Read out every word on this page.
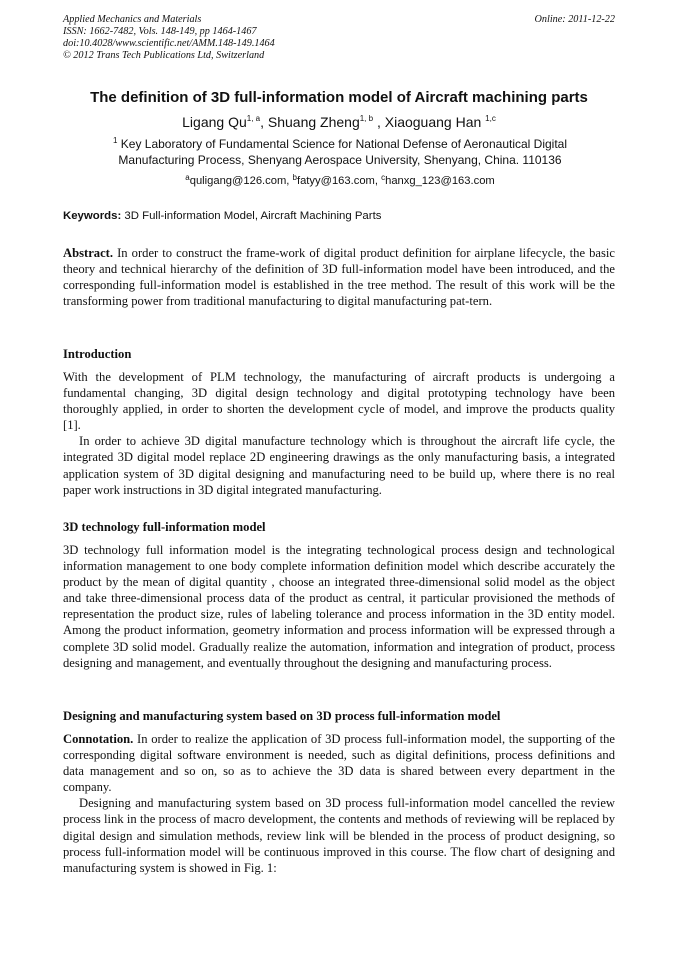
Applied Mechanics and Materials
ISSN: 1662-7482, Vols. 148-149, pp 1464-1467
doi:10.4028/www.scientific.net/AMM.148-149.1464
© 2012 Trans Tech Publications Ltd, Switzerland
Online: 2011-12-22
The definition of 3D full-information model of Aircraft machining parts
Ligang Qu$^{1, a}$, Shuang Zheng$^{1, b}$ , Xiaoguang Han $^{1,c}$
$^1$ Key Laboratory of Fundamental Science for National Defense of Aeronautical Digital
Manufacturing Process, Shenyang Aerospace University, Shenyang, China. 110136
$^a$quligang@126.com, $^b$fatyy@163.com, $^c$hanxg_123@163.com
Keywords: 3D Full-information Model, Aircraft Machining Parts

Abstract. In order to construct the frame-work of digital product definition for airplane lifecycle, the basic theory and technical hierarchy of the definition of 3D full-information model have been introduced, and the corresponding full-information model is established in the tree method. The result of this work will be the transforming power from traditional manufacturing to digital manufacturing pat-tern.

Introduction

With the development of PLM technology, the manufacturing of aircraft products is undergoing a fundamental changing, 3D digital design technology and digital prototyping technology have been thoroughly applied, in order to shorten the development cycle of model, and improve the products quality [1].

In order to achieve 3D digital manufacture technology which is throughout the aircraft life cycle, the integrated 3D digital model replace 2D engineering drawings as the only manufacturing basis, a integrated application system of 3D digital designing and manufacturing need to be build up, where there is no real paper work instructions in 3D digital integrated manufacturing.

3D technology full-information model

3D technology full information model is the integrating technological process design and technological information management to one body complete information definition model which describe accurately the product by the mean of digital quantity , choose an integrated three-dimensional solid model as the object and take three-dimensional process data of the product as central, it particular provisioned the methods of representation the product size, rules of labeling tolerance and process information in the 3D entity model. Among the product information, geometry information and process information will be expressed through a complete 3D solid model. Gradually realize the automation, information and integration of product, process designing and management, and eventually throughout the designing and manufacturing process.

Designing and manufacturing system based on 3D process full-information model

Connotation. In order to realize the application of 3D process full-information model, the supporting of the corresponding digital software environment is needed, such as digital definitions, process definitions and data management and so on, so as to achieve the 3D data is shared between every department in the company.

Designing and manufacturing system based on 3D process full-information model cancelled the review process link in the process of macro development, the contents and methods of reviewing will be replaced by digital design and simulation methods, review link will be blended in the process of product designing, so process full-information model will be continuous improved in this course. The flow chart of designing and manufacturing system is showed in Fig. 1:
